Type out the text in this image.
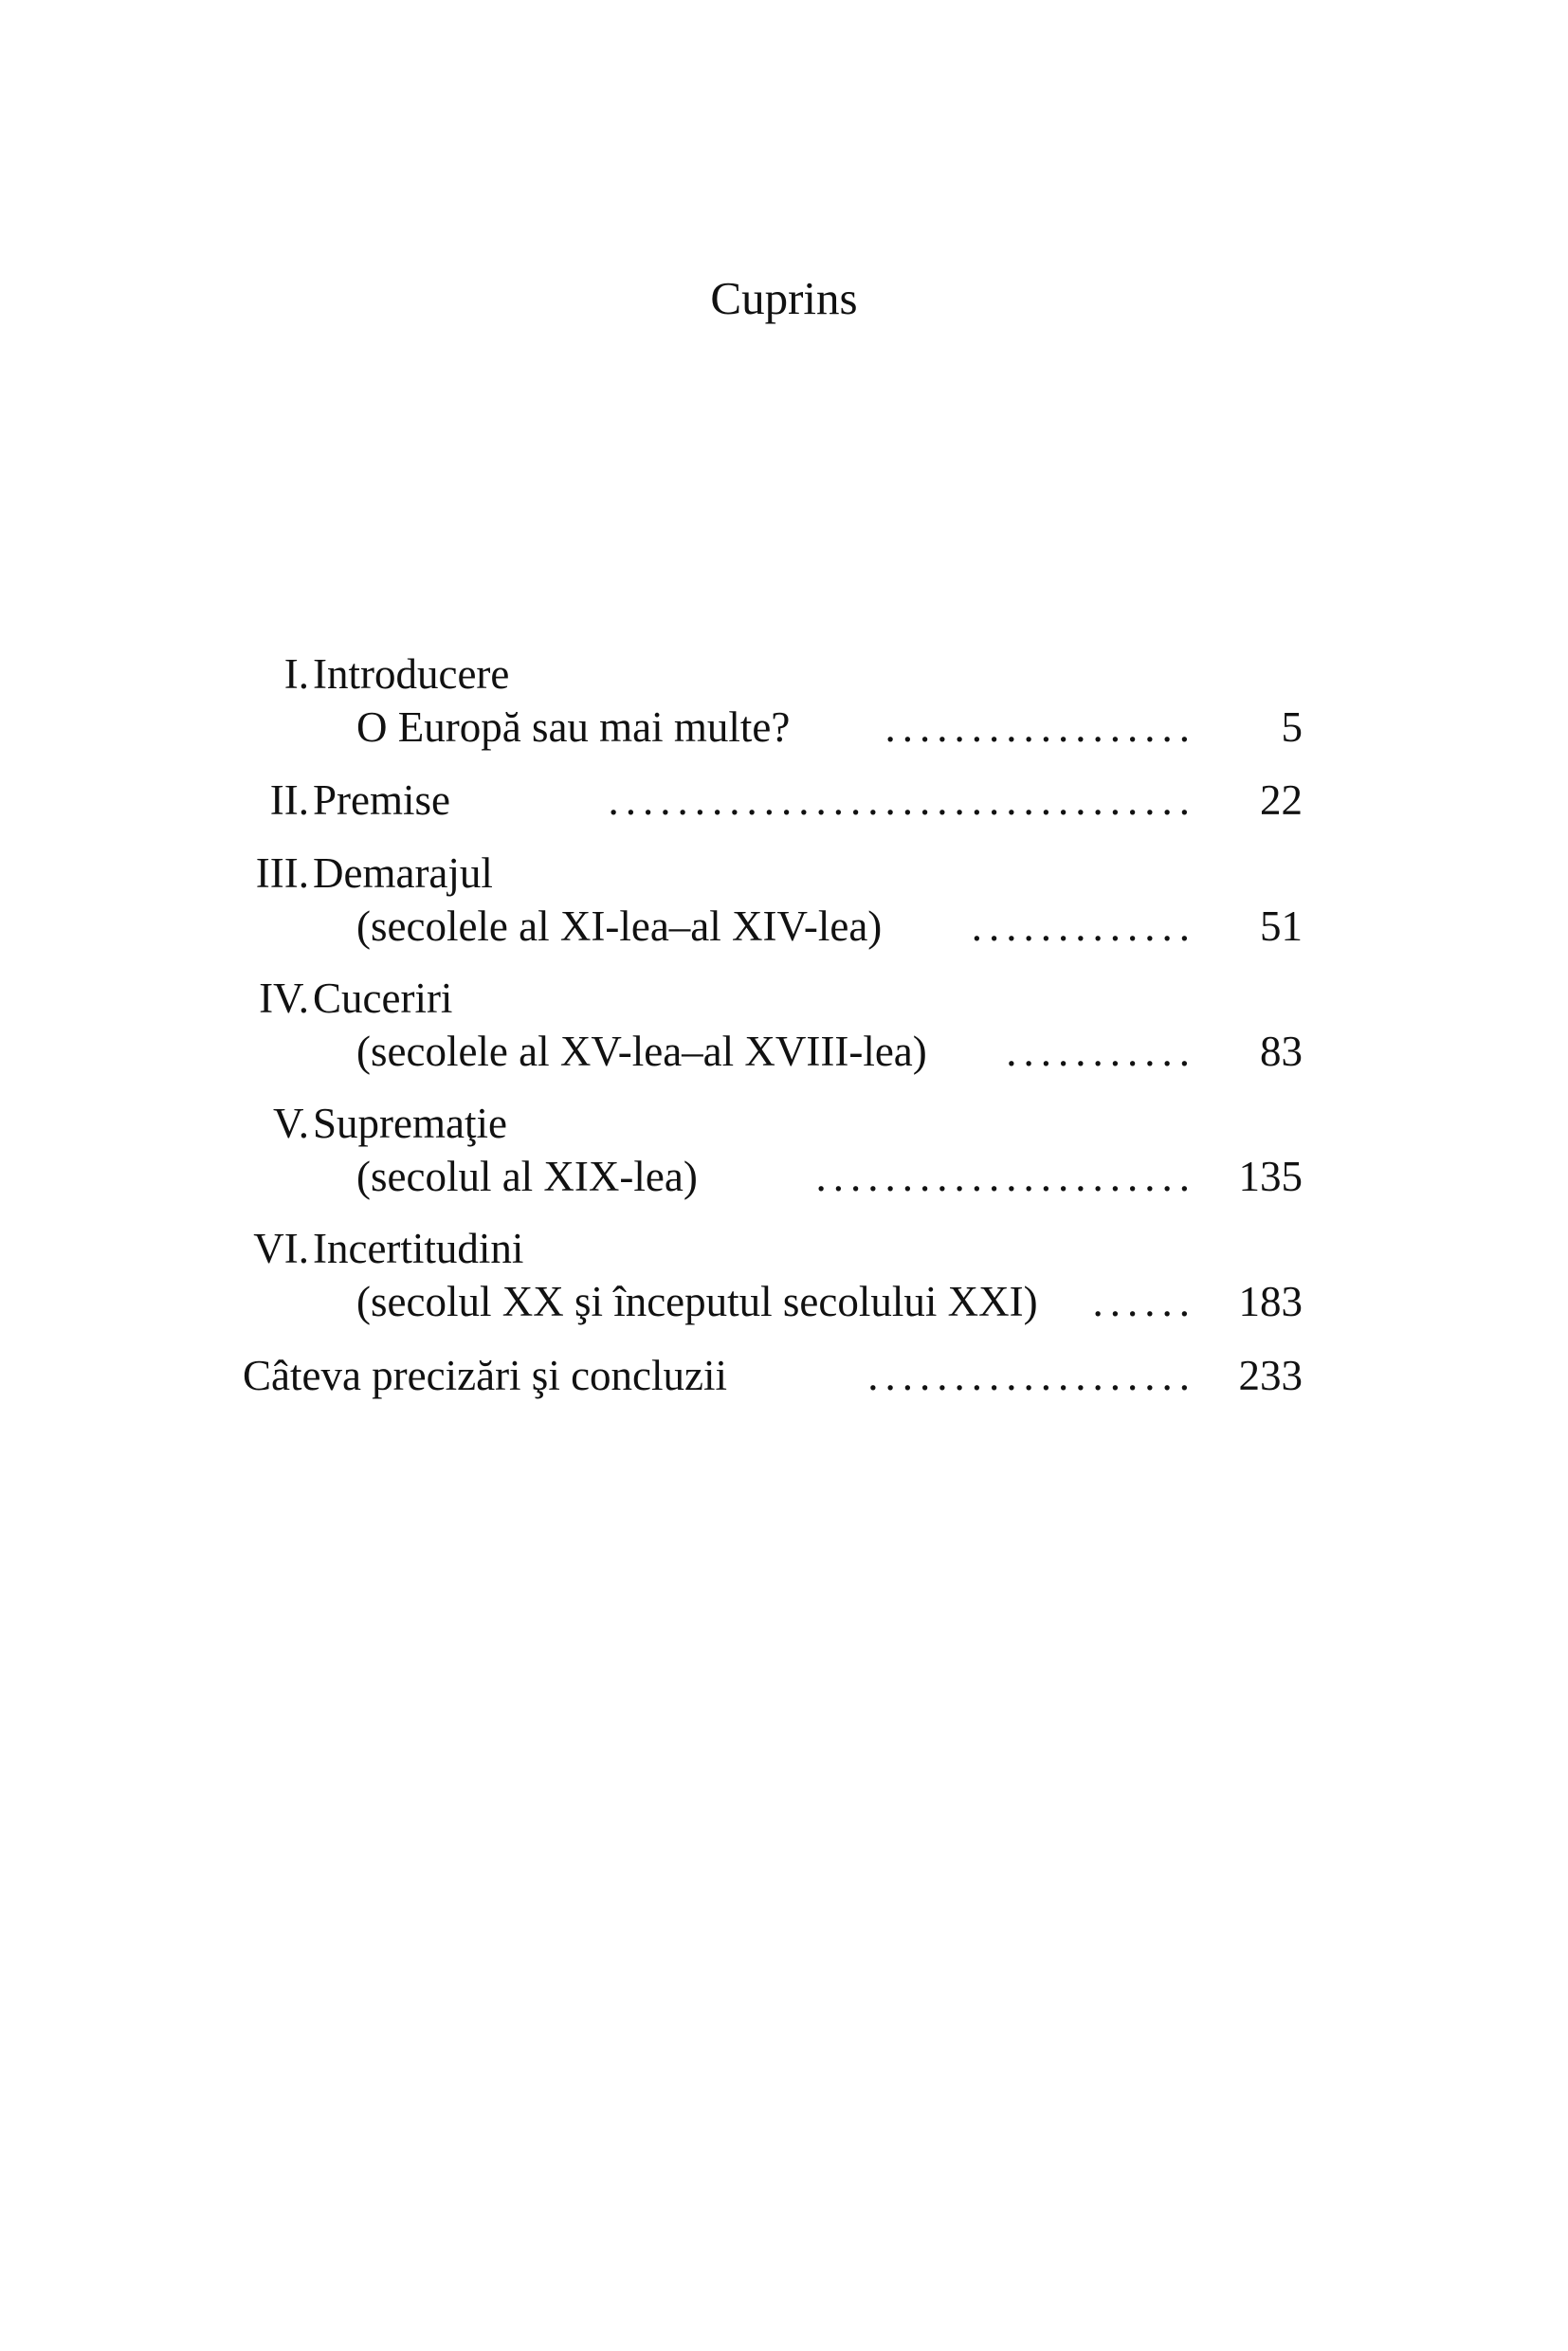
Cuprins
I. Introducere
O Europă sau mai multe? .................. 5
II. Premise	.................................. 22
III. Demarajul
(secolele al XI-lea–al XIV-lea) ............. 51
IV. Cuceriri
(secolele al XV-lea–al XVIII-lea) ........... 83
V. Supremaţie
(secolul al XIX-lea)	...................... 135
VI. Incertitudini
(secolul XX şi începutul secolului XXI) ...... 183
Câteva precizări şi concluzii	................... 233
